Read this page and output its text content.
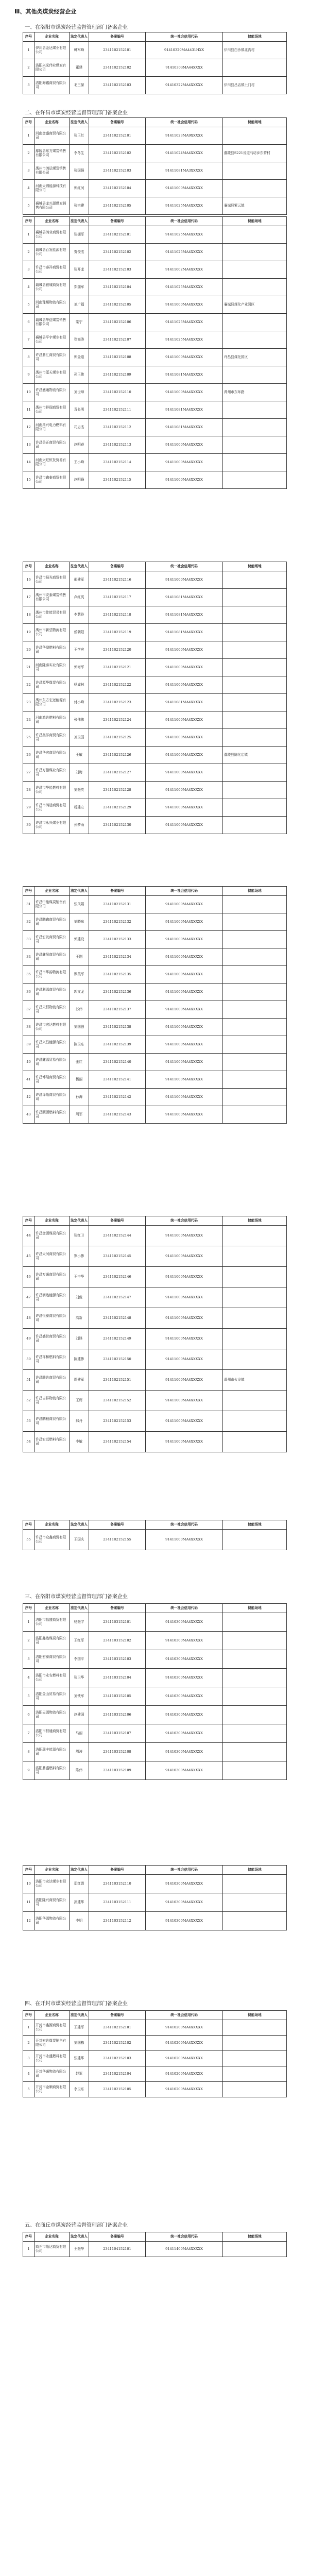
Ⅲ、其他类煤炭经营企业
一、在洛阳市煤炭经营监督管理部门备案企业
序号	企业名称	法定代表人	备案编号	统一社会信用代码	储能场地
1	伊川县金达煤业有限公司	韩军峰	2341102152101	91410329MA4431HXX	伊川县白沙镇北沟村
2	洛阳兴光伟业煤炭有限公司	董建	2341102152102	91410303MA44XXXX	
3	洛阳海鑫商贸有限公司	毛三保	2341102152103	91410322MA4XXXXX	伊川县吕店镇土门村
二、在许昌市煤炭经营监督管理部门备案企业
序号	企业名称	法定代表人	备案编号	统一社会信用代码	储能场地
1	河南金盛商贸有限公司	张玉红	2341102152101	91411023MA9XXXXX	
2	鄢陵县东方煤炭销售有限公司	李冬生	2341102152102	91411024MA4XXXXX	鄢陵县S221省道马坊乡东营村
3	禹州市鸿运煤炭销售有限公司	张国强	2341102152103	91411081MA3XXXXX	
4	河南天圆能源科技有限公司	郭红河	2341102152104	91411000MA4XXXXX	
5	襄城县龙兴源煤炭销售有限公司	张宗建	2341102152105	91411025MA4XXXXX	襄城县紫云镇
序号	企业名称	法定代表人	备案编号	统一社会信用代码	储能场地
1	襄城县鸿业商贸有限公司	张拥军	2341102152101	91411025MA4XXXXX	
2	襄城县百发能源有限公司	贾俊杰	2341102152102	91411025MA4XXXXX	
3	许昌市泰祥商贸有限公司	张开龙	2341102152103	91411002MA4XXXXX	
4	襄城县银城商贸有限公司	郑拥军	2341102152104	91411025MA4XXXXX	
5	河南豫煤物流有限公司	刘广福	2341102152105	91411000MA4XXXXX	襄城县煤化产业园区
6	襄城县华信煤炭销售有限公司	梁宁	2341102152106	91411025MA4XXXXX	
7	襄城县平宇煤业有限公司	崔海涛	2341102152107	91411025MA4XXXXX	
8	许昌鼎汇商贸有限公司	郭金道	2341102152108	91411000MA4XXXXX	许昌县煤化园区
9	禹州市蓝天煤业有限公司	孙玉伟	2341102152109	91411081MA4XXXXX	
10	许昌盛通物流有限公司	刘世坤	2341102152110	91411000MA4XXXXX	禹州市东环路
11	禹州市祥瑞商贸有限公司	袁长明	2341102152111	91411081MA4XXXXX	
12	河南禹兴电力燃料有限公司	司忠杰	2341102152112	91411081MA4XXXXX	
13	许昌美正商贸有限公司	赵明春	2341102152113	91411000MA4XXXXX	
14	河南兴旺恒发贸易有限公司	王小峰	2341102152114	91411000MA4XXXXX	
15	许昌市鑫泰商贸有限公司	赵明锋	2341102152115	91411000MA4XXXXX	
序号	企业名称	法定代表人	备案编号	统一社会信用代码	储能场地
16	许昌市晨光商贸有限公司	邢建军	2341102152116	91411000MA4XXXXX	
17	禹州市安泰煤炭销售有限公司	卢红英	2341102152117	91411081MA4XXXXX	
18	禹州市佳能贸易有限公司	李慧玲	2341102152118	91411081MA4XXXXX	
19	禹州市新望物流有限公司	侯朝阳	2341102152119	91411081MA4XXXXX	
20	许昌华鼎燃料有限公司	王学宾	2341102152120	91411000MA4XXXXX	
21	河南隆泰实业有限公司	郭海军	2341102152121	91411000MA4XXXXX	
22	许昌源华煤炭有限公司	杨成林	2341102152122	91411000MA4XXXXX	
23	禹州东方宏远能源有限公司	付小峰	2341102152123	91411081MA4XXXXX	
24	河南鸿达燃料有限公司	张伟伟	2341102152124	91411000MA4XXXXX	
25	许昌奥洋商贸有限公司	刘卫国	2341102152125	91411000MA4XXXXX	
26	许昌华宏商贸有限公司	王敏	2341102152126	91411000MA4XXXXX	鄢陵县陈化店镇
27	许昌万德煤业有限公司	刘梅	2341102152127	91411000MA4XXXXX	
28	许昌市华能燃料有限公司	刘振英	2341102152128	91411000MA4XXXXX	
29	许昌市鸿运商贸有限公司	杨建立	2341102152129	91411000MA4XXXXX	
30	许昌市永兴煤业有限公司	孙梦雨	2341102152130	91411000MA4XXXXX	
序号	企业名称	法定代表人	备案编号	统一社会信用代码	储能场地
31	许昌中能煤炭销售有限公司	张凤娟	2341102152131	91411000MA4XXXXX	
32	许昌鹏鑫商贸有限公司	刘晓东	2341102152132	91411000MA4XXXXX	
33	许昌宏发商贸有限公司	郭建设	2341102152133	91411000MA4XXXXX	
34	许昌鑫晟商贸有限公司	王刚	2341102152134	91411000MA4XXXXX	
35	许昌市华韵物流有限公司	罗英军	2341102152135	91411000MA4XXXXX	
36	许昌利源商贸有限公司	郭文龙	2341102152136	91411000MA4XXXXX	
37	许昌天恒物流有限公司	苏伟	2341102152137	91411000MA4XXXXX	
38	许昌市宏达燃料有限公司	刘国强	2341102152138	91411000MA4XXXXX	
39	许昌兴昌能源有限公司	陈卫东	2341102152139	91411000MA4XXXXX	
40	许昌鑫源贸易有限公司	张红	2341102152140	91411000MA4XXXXX	
41	许昌博瑞商贸有限公司	杨丽	2341102152141	91411000MA4XXXXX	
42	许昌泽隆商贸有限公司	孙海	2341102152142	91411000MA4XXXXX	
43	许昌顺源燃料有限公司	周军	2341102152143	91411000MA4XXXXX	
序号	企业名称	法定代表人	备案编号	统一社会信用代码	储能场地
44	许昌金源煤炭有限公司	张红卫	2341102152144	91411000MA4XXXXX	
45	许昌天河商贸有限公司	罗小伟	2341102152145	91411000MA4XXXXX	
46	许昌万通商贸有限公司	王中华	2341102152146	91411000MA4XXXXX	
47	许昌润达能源有限公司	刘俊	2341102152147	91411000MA4XXXXX	
48	许昌恒泰商贸有限公司	高新	2341102152148	91411000MA4XXXXX	
49	许昌盛世商贸有限公司	刘锋	2341102152149	91411000MA4XXXXX	
50	许昌祥和燃料有限公司	陈建伟	2341102152150	91411000MA4XXXXX	
51	许昌腾达商贸有限公司	周建军	2341102152151	91411000MA4XXXXX	禹州市火龙镇
52	许昌吉祥物流有限公司	王辉	2341102152152	91411000MA4XXXXX	
53	许昌鹏程商贸有限公司	郝丹	2341102152153	91411000MA4XXXXX	
54	许昌宏远燃料有限公司	李敏	2341102152154	91411000MA4XXXXX	
序号	企业名称	法定代表人	备案编号	统一社会信用代码	储能场地
55	许昌市众鑫商贸有限公司	王国庆	2341102152155	91411000MA4XXXXX	
三、在洛阳市煤炭经营监督管理部门备案企业
序号	企业名称	法定代表人	备案编号	统一社会信用代码	储能场地
1	洛阳市昌盛商贸有限公司	杨振宇	2341103152101	91410300MA4XXXXX	
2	洛阳鑫达煤炭有限公司	王红军	2341103152102	91410300MA4XXXXX	
3	洛阳宏泰商贸有限公司	李国平	2341103152103	91410300MA4XXXXX	
4	洛阳市永安燃料有限公司	张卫华	2341103152104	91410300MA4XXXXX	
5	洛阳金山贸易有限公司	刘铁军	2341103152105	91410300MA4XXXXX	
6	洛阳天源物流有限公司	赵建国	2341103152106	91410300MA4XXXXX	
7	洛阳市恒通商贸有限公司	马丽	2341103152107	91410300MA4XXXXX	
8	洛阳瑞丰能源有限公司	周涛	2341103152108	91410300MA4XXXXX	
9	洛阳鼎盛燃料有限公司	陈伟	2341103152109	91410300MA4XXXXX	
序号	企业名称	法定代表人	备案编号	统一社会信用代码	储能场地
10	洛阳市宏达煤业有限公司	郑红霞	2341103152110	91410300MA4XXXXX	
11	洛阳隆兴商贸有限公司	孙建华	2341103152111	91410300MA4XXXXX	
12	洛阳华源物流有限公司	李明	2341103152112	91410300MA4XXXXX	
四、在开封市煤炭经营监督管理部门备案企业
序号	企业名称	法定代表人	备案编号	统一社会信用代码	储能场地
1	开封市鑫源商贸有限公司	王建军	2341102152101	91410200MA4XXXXX	
2	开封宏达煤炭销售有限公司	刘国栋	2341102152102	91410200MA4XXXXX	
3	开封市永盛燃料有限公司	张建华	2341102152103	91410200MA4XXXXX	
4	开封华通物流有限公司	赵军	2341102152104	91410200MA4XXXXX	
5	开封市金顺商贸有限公司	李卫东	2341102152105	91410200MA4XXXXX	
五、在商丘市煤炭经营监督管理部门备案企业
序号	企业名称	法定代表人	备案编号	统一社会信用代码	储能场地
1	商丘市隆达商贸有限公司	王振华	2341104152101	91411400MA4XXXXX	
